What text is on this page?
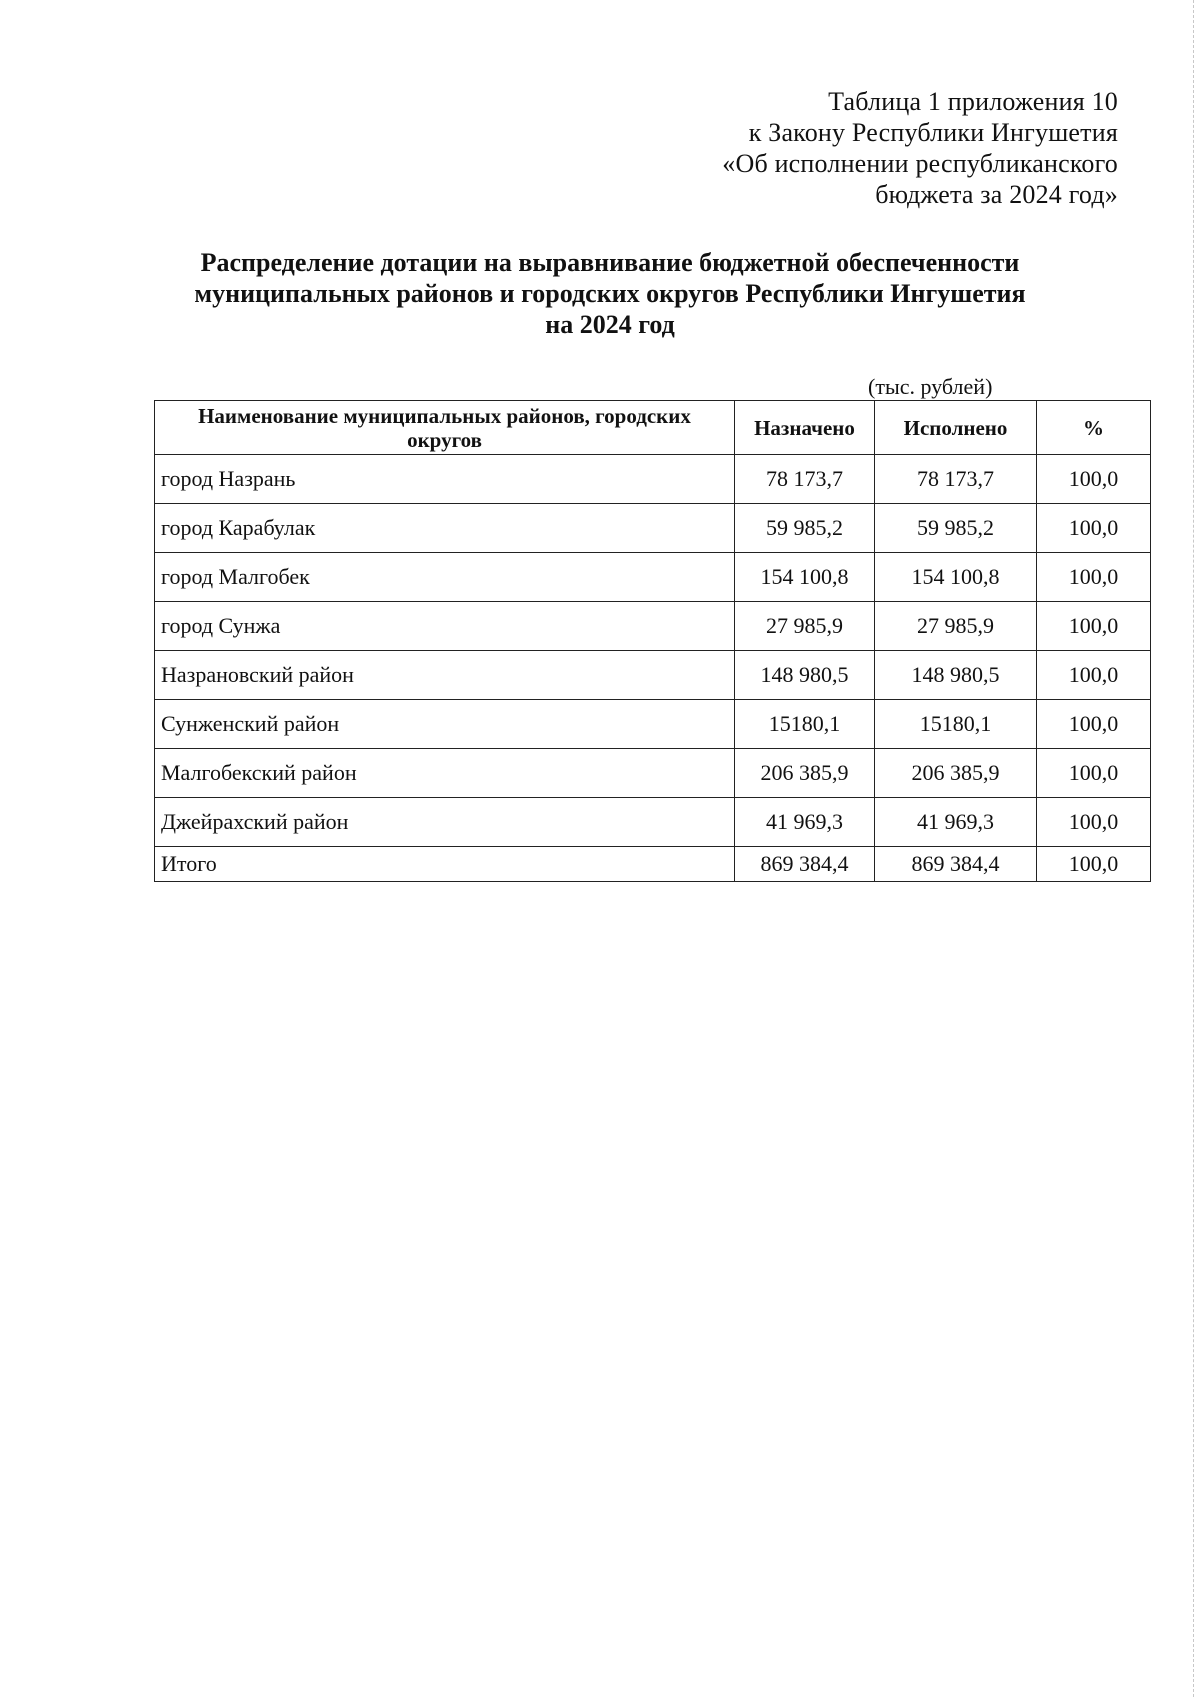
Таблица 1 приложения 10
к Закону Республики Ингушетия
«Об исполнении республиканского
бюджета за 2024 год»
Распределение дотации на выравнивание бюджетной обеспеченности
муниципальных районов и городских округов Республики Ингушетия
на 2024 год
(тыс. рублей)
Наименование муниципальных районов, городских округов	Назначено	Исполнено	%
город Назрань	78 173,7	78 173,7	100,0
город Карабулак	59 985,2	59 985,2	100,0
город Малгобек	154 100,8	154 100,8	100,0
город Сунжа	27 985,9	27 985,9	100,0
Назрановский район	148 980,5	148 980,5	100,0
Сунженский район	15180,1	15180,1	100,0
Малгобекский район	206 385,9	206 385,9	100,0
Джейрахский район	41 969,3	41 969,3	100,0
Итого	869 384,4	869 384,4	100,0
